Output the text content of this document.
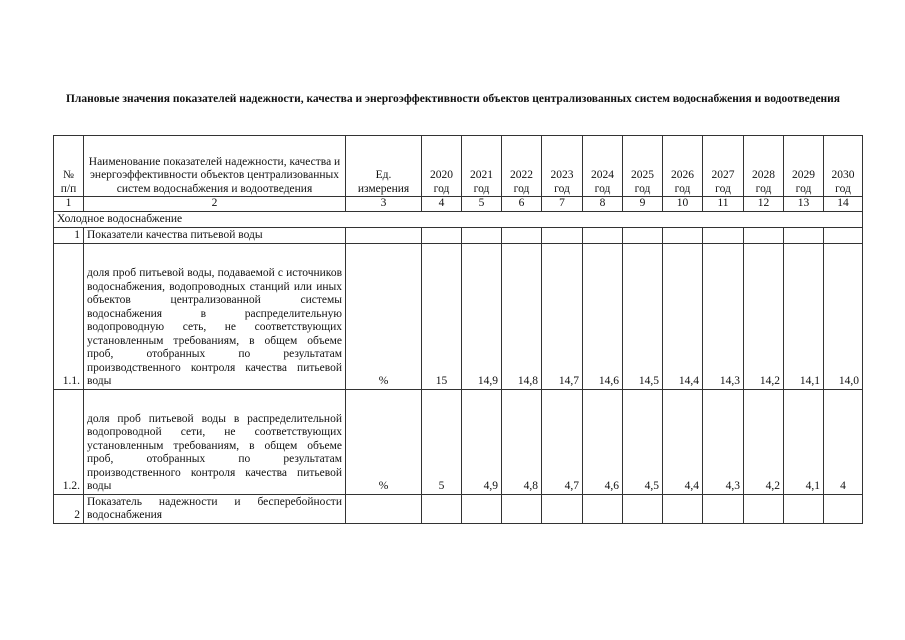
Плановые значения показателей надежности, качества и энергоэффективности объектов централизованных систем водоснабжения и водоотведения
№ п/п	Наименование показателей надежности, качества и энергоэффективности объектов централизованных систем водоснабжения и водоотведения	Ед. измерения	2020 год	2021 год	2022 год	2023 год	2024 год	2025 год	2026 год	2027 год	2028 год	2029 год	2030 год
1	2	3	4	5	6	7	8	9	10	11	12	13	14
Холодное водоснабжение													
1	Показатели качества питьевой воды												
1.1.	доля проб питьевой воды, подаваемой с источников водоснабжения, водопроводных станций или иных объектов централизованной системы водоснабжения в распределительную водопроводную сеть, не соответствующих установленным требованиям, в общем объеме проб, отобранных по результатам производственного контроля качества питьевой воды	%	15	14,9	14,8	14,7	14,6	14,5	14,4	14,3	14,2	14,1	14,0
1.2.	доля проб питьевой воды в распределительной водопроводной сети, не соответствующих установленным требованиям, в общем объеме проб, отобранных по результатам производственного контроля качества питьевой воды	%	5	4,9	4,8	4,7	4,6	4,5	4,4	4,3	4,2	4,1	4
2	Показатель надежности и бесперебойности водоснабжения												
